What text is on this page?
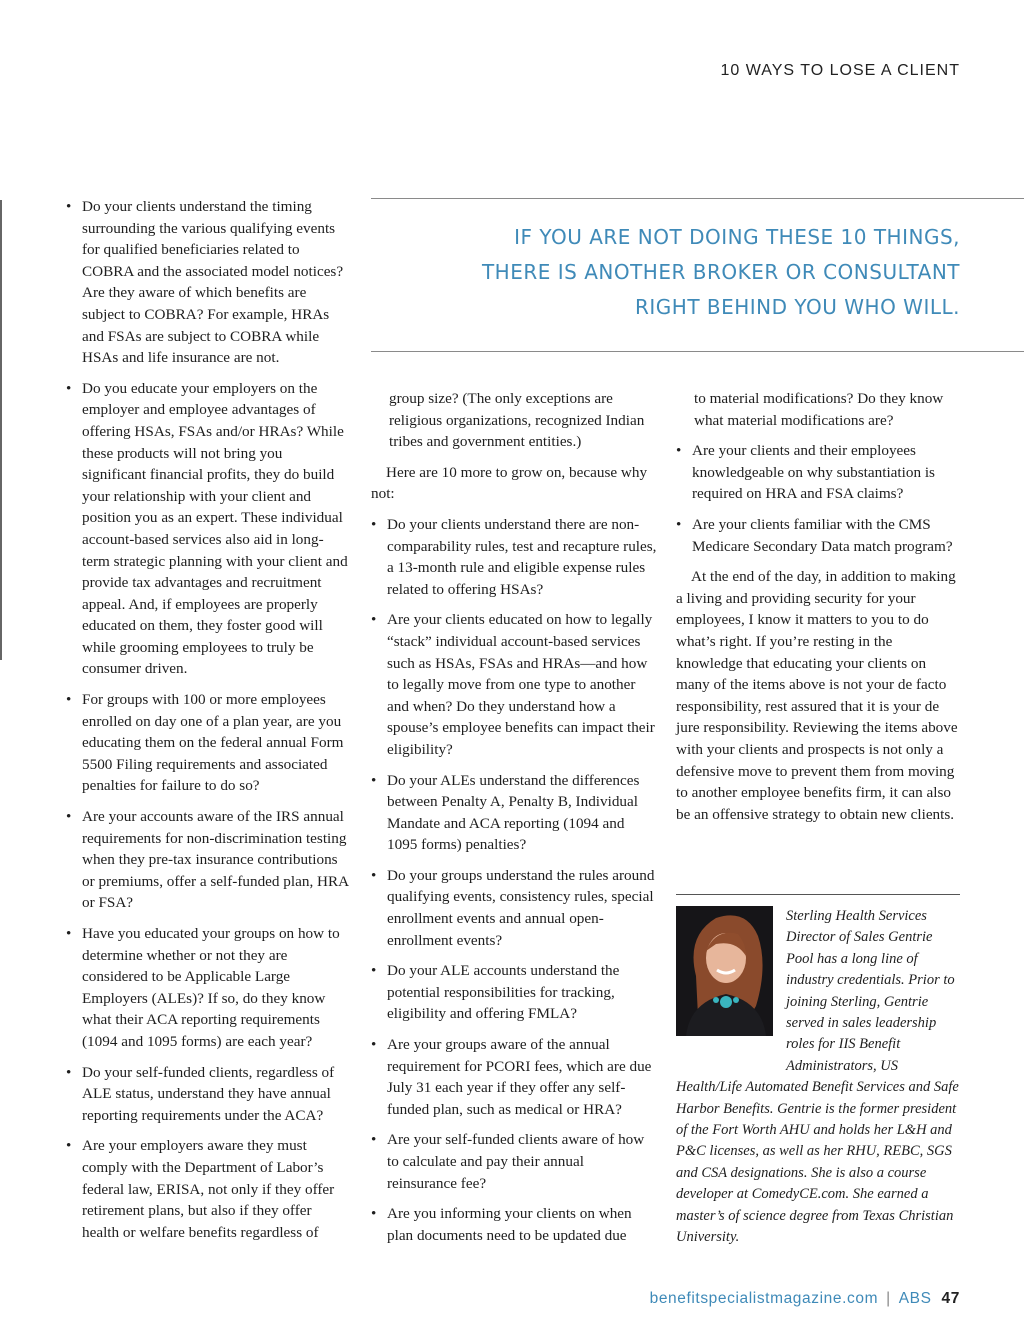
10 WAYS TO LOSE A CLIENT
IF YOU ARE NOT DOING THESE 10 THINGS,
THERE IS ANOTHER BROKER OR CONSULTANT
RIGHT BEHIND YOU WHO WILL.
• Do your clients understand the timing surrounding the various qualifying events for qualified beneficiaries related to COBRA and the associated model notices? Are they aware of which benefits are subject to COBRA? For example, HRAs and FSAs are subject to COBRA while HSAs and life insurance are not.
• Do you educate your employers on the employer and employee advantages of offering HSAs, FSAs and/or HRAs? While these products will not bring you significant financial profits, they do build your relationship with your client and position you as an expert. These individual account-based services also aid in long-term strategic planning with your client and provide tax advantages and recruitment appeal. And, if employees are properly educated on them, they foster good will while grooming employees to truly be consumer driven.
• For groups with 100 or more employees enrolled on day one of a plan year, are you educating them on the federal annual Form 5500 Filing requirements and associated penalties for failure to do so?
• Are your accounts aware of the IRS annual requirements for non-discrimination testing when they pre-tax insurance contributions or premiums, offer a self-funded plan, HRA or FSA?
• Have you educated your groups on how to determine whether or not they are considered to be Applicable Large Employers (ALEs)? If so, do they know what their ACA reporting requirements (1094 and 1095 forms) are each year?
• Do your self-funded clients, regardless of ALE status, understand they have annual reporting requirements under the ACA?
• Are your employers aware they must comply with the Department of Labor’s federal law, ERISA, not only if they offer retirement plans, but also if they offer health or welfare benefits regardless of

group size? (The only exceptions are religious organizations, recognized Indian tribes and government entities.)

Here are 10 more to grow on, because why not:

• Do your clients understand there are non-comparability rules, test and recapture rules, a 13-month rule and eligible expense rules related to offering HSAs?
• Are your clients educated on how to legally “stack” individual account-based services such as HSAs, FSAs and HRAs—and how to legally move from one type to another and when? Do they understand how a spouse’s employee benefits can impact their eligibility?
• Do your ALEs understand the differences between Penalty A, Penalty B, Individual Mandate and ACA reporting (1094 and 1095 forms) penalties?
• Do your groups understand the rules around qualifying events, consistency rules, special enrollment events and annual open-enrollment events?
• Do your ALE accounts understand the potential responsibilities for tracking, eligibility and offering FMLA?
• Are your groups aware of the annual requirement for PCORI fees, which are due July 31 each year if they offer any self-funded plan, such as medical or HRA?
• Are your self-funded clients aware of how to calculate and pay their annual reinsurance fee?
• Are you informing your clients on when plan documents need to be updated due

to material modifications? Do they know what material modifications are?

• Are your clients and their employees knowledgeable on why substantiation is required on HRA and FSA claims?
• Are your clients familiar with the CMS Medicare Secondary Data match program?

At the end of the day, in addition to making a living and providing security for your employees, I know it matters to you to do what’s right. If you’re resting in the knowledge that educating your clients on many of the items above is not your de facto responsibility, rest assured that it is your de jure responsibility. Reviewing the items above with your clients and prospects is not only a defensive move to prevent them from moving to another employee benefits firm, it can also be an offensive strategy to obtain new clients.

Sterling Health Services Director of Sales Gentrie Pool has a long line of industry credentials. Prior to joining Sterling, Gentrie served in sales leadership roles for IIS Benefit Administrators, US Health/Life Automated Benefit Services and Safe Harbor Benefits. Gentrie is the former president of the Fort Worth AHU and holds her L&H and P&C licenses, as well as her RHU, REBC, SGS and CSA designations. She is also a course developer at ComedyCE.com. She earned a master’s of science degree from Texas Christian University.

benefitspecialistmagazine.com | ABS 47
